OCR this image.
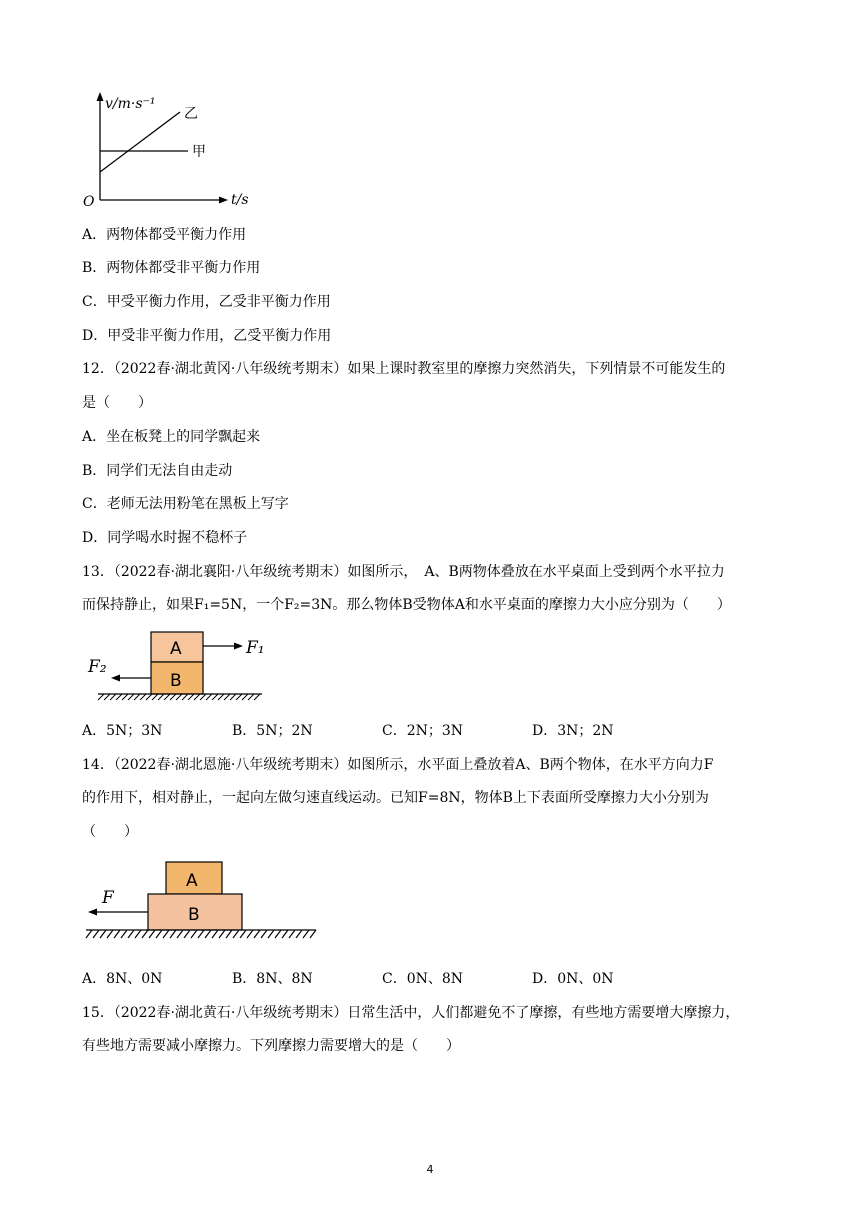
v/m·s⁻¹
乙
甲
O	t/s
A．两物体都受平衡力作用
B．两物体都受非平衡力作用
C．甲受平衡力作用，乙受非平衡力作用
D．甲受非平衡力作用，乙受平衡力作用
12．（2022春·湖北黄冈·八年级统考期末）如果上课时教室里的摩擦力突然消失，下列情景不可能发生的
是（　　）
A．坐在板凳上的同学飘起来
B．同学们无法自由走动
C．老师无法用粉笔在黑板上写字
D．同学喝水时握不稳杯子
13．（2022春·湖北襄阳·八年级统考期末）如图所示，　A、B两物体叠放在水平桌面上受到两个水平拉力
而保持静止，如果F₁=5N，一个F₂=3N。那么物体B受物体A和水平桌面的摩擦力大小应分别为（　　）
A
B
F₁
F₂
A．5N；3N	B．5N；2N	C．2N；3N	D．3N；2N
14．（2022春·湖北恩施·八年级统考期末）如图所示，水平面上叠放着A、B两个物体，在水平方向力F
的作用下，相对静止，一起向左做匀速直线运动。已知F=8N，物体B上下表面所受摩擦力大小分别为
（　　）
A
B
F
A．8N、0N	B．8N、8N	C．0N、8N	D．0N、0N
15．（2022春·湖北黄石·八年级统考期末）日常生活中，人们都避免不了摩擦，有些地方需要增大摩擦力，
有些地方需要减小摩擦力。下列摩擦力需要增大的是（　　）
4
